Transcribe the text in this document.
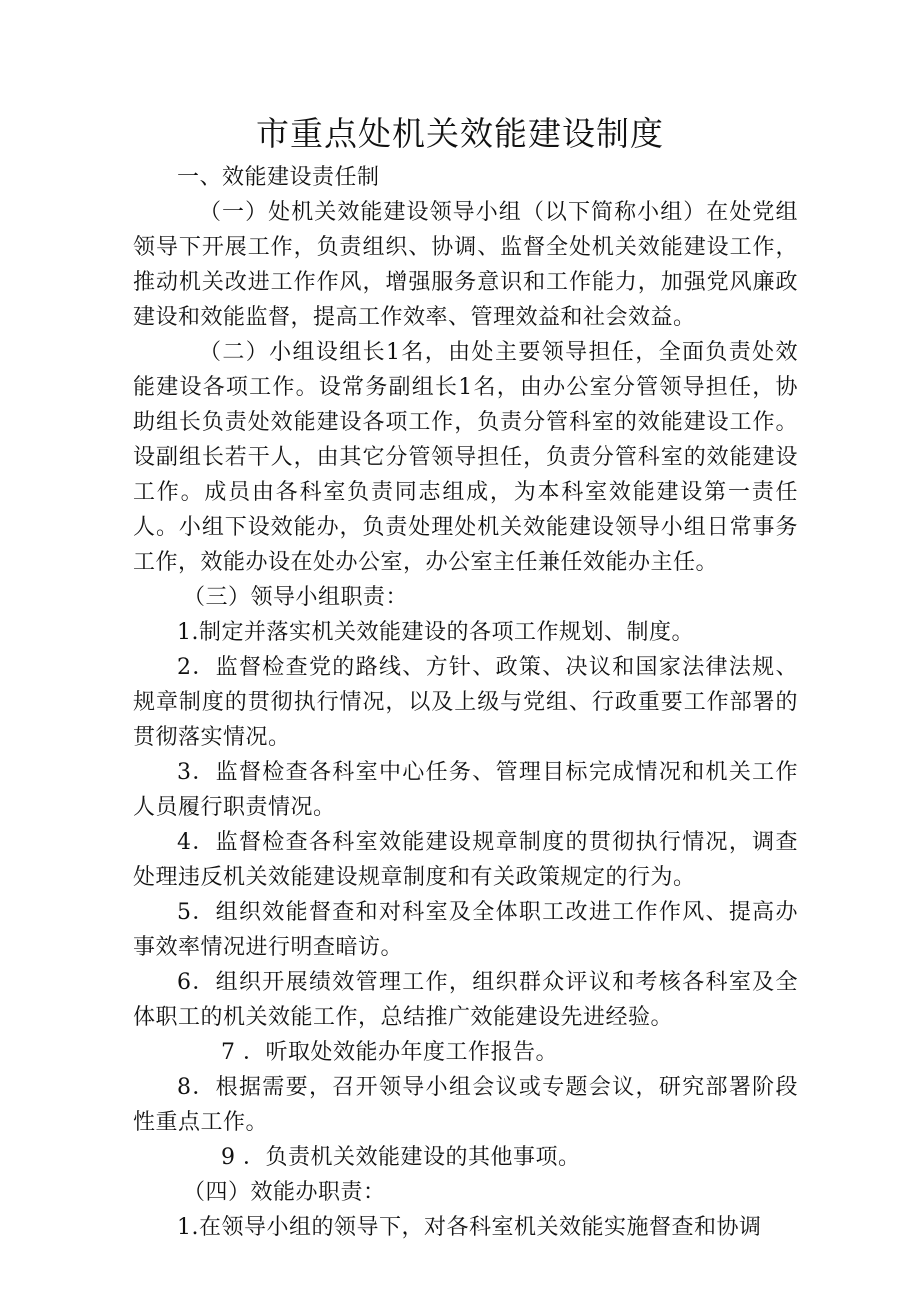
市重点处机关效能建设制度

一、效能建设责任制

（一）处机关效能建设领导小组（以下简称小组）在处党组领导下开展工作，负责组织、协调、监督全处机关效能建设工作，推动机关改进工作作风，增强服务意识和工作能力，加强党风廉政建设和效能监督，提高工作效率、管理效益和社会效益。

（二）小组设组长1名，由处主要领导担任，全面负责处效能建设各项工作。设常务副组长1名，由办公室分管领导担任，协助组长负责处效能建设各项工作，负责分管科室的效能建设工作。设副组长若干人，由其它分管领导担任，负责分管科室的效能建设工作。成员由各科室负责同志组成，为本科室效能建设第一责任人。小组下设效能办，负责处理处机关效能建设领导小组日常事务工作，效能办设在处办公室，办公室主任兼任效能办主任。

（三）领导小组职责：

1.制定并落实机关效能建设的各项工作规划、制度。

2．监督检查党的路线、方针、政策、决议和国家法律法规、规章制度的贯彻执行情况，以及上级与党组、行政重要工作部署的贯彻落实情况。

3．监督检查各科室中心任务、管理目标完成情况和机关工作人员履行职责情况。

4．监督检查各科室效能建设规章制度的贯彻执行情况，调查处理违反机关效能建设规章制度和有关政策规定的行为。

5．组织效能督查和对科室及全体职工改进工作作风、提高办事效率情况进行明查暗访。

6．组织开展绩效管理工作，组织群众评议和考核各科室及全体职工的机关效能工作，总结推广效能建设先进经验。

7 ．听取处效能办年度工作报告。

8．根据需要，召开领导小组会议或专题会议，研究部署阶段性重点工作。

9 ．负责机关效能建设的其他事项。

（四）效能办职责：

1.在领导小组的领导下，对各科室机关效能实施督查和协调
